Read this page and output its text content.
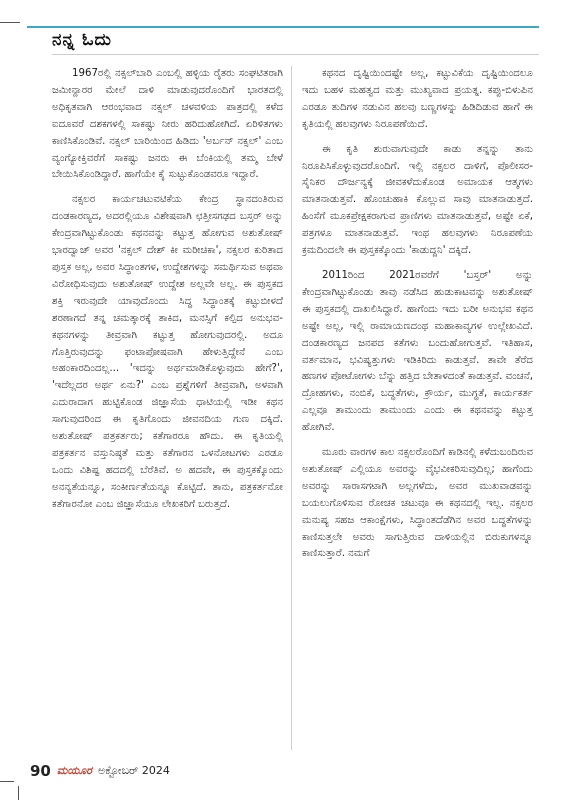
ನನ್ನ ಓದು

1967ರಲ್ಲಿ ನಕ್ಸಲ್‌ಬಾರಿ ಎಂಬಲ್ಲಿ ಹಳ್ಳಿಯ ರೈತರು ಸಂಘಟಿತರಾಗಿ ಜಮೀನ್ದಾರರ ಮೇಲೆ ದಾಳಿ ಮಾಡುವುದರೊಂದಿಗೆ ಭಾರತದಲ್ಲಿ ಅಧಿಕೃತವಾಗಿ ಆರಂಭವಾದ ನಕ್ಸಲ್ ಚಳವಳಿಯ ಪಾತ್ರದಲ್ಲಿ ಕಳೆದ ಐದೂವರೆ ದಶಕಗಳಲ್ಲಿ ಸಾಕಷ್ಟು ನೀರು ಹರಿದುಹೋಗಿದೆ. ಏರಿಳಿತಗಳು ಕಾಣಿಸಿಕೊಂಡಿವೆ. ನಕ್ಸಲ್ ಬಾರಿಯಿಂದ ಹಿಡಿದು 'ಅರ್ಬನ್ ನಕ್ಸಲ್' ಎಂಬ ವ್ಯಂಗ್ಯೋಕ್ತಿವರೆಗೆ ಸಾಕಷ್ಟು ಜನರು ಈ ಬೆಂಕಿಯಲ್ಲಿ ತಮ್ಮ ಬೇಳೆ ಬೇಯಿಸಿಕೊಂಡಿದ್ದಾರೆ. ಹಾಗೆಯೇ ಕೈ ಸುಟ್ಟುಕೊಂಡವರೂ ಇದ್ದಾರೆ.

ನಕ್ಸಲರ ಕಾರ್ಯಚಟುವಟಿಕೆಯ ಕೇಂದ್ರ ಸ್ಥಾನದಂತಿರುವ ದಂಡಕಾರಣ್ಯದ, ಅದರಲ್ಲಿಯೂ ವಿಶೇಷವಾಗಿ ಛತ್ತೀಸಗಢದ ಬಸ್ತರ್ ಅನ್ನು ಕೇಂದ್ರವಾಗಿಟ್ಟುಕೊಂಡು ಕಥನವನ್ನು ಕಟ್ಟುತ್ತ ಹೋಗುವ ಅಶುತೋಷ್ ಭಾರದ್ವಾಜ್ ಅವರ 'ನಕ್ಸಲ್ ದೇಶ್ ಕೀ ಮರೀಚಿಕಾ', ನಕ್ಸಲರ ಕುರಿತಾದ ಪುಸ್ತಕ ಅಲ್ಲ, ಅವರ ಸಿದ್ಧಾಂತಗಳ, ಉದ್ದೇಶಗಳನ್ನು ಸಮರ್ಥಿಸುವ ಅಥವಾ ವಿರೋಧಿಸುವುದು ಅಶುತೋಷ್ ಉದ್ದೇಶ ಅಲ್ಲವೇ ಅಲ್ಲ. ಈ ಪುಸ್ತಕದ ಶಕ್ತಿ ಇರುವುದೇ ಯಾವುದೊಂದು ಸಿದ್ಧ ಸಿದ್ಧಾಂತಕ್ಕೆ ಕಟ್ಟುಬೀಳದೆ ಶರಣಾಗದೆ ತನ್ನ ಚಮತ್ಕಾರಕ್ಕೆ ತಾಕಿದ, ಮನಸ್ಸಿಗೆ ಕಲ್ಪಿದ ಅನುಭವ-ಕಥನಗಳನ್ನು ತೀವ್ರವಾಗಿ ಕಟ್ಟುತ್ತ ಹೋಗುವುದರಲ್ಲಿ. ಅದೂ ಗೊತ್ತಿರುವುದನ್ನು ಫಂಟಾಪೋಷವಾಗಿ ಹೇಳುತ್ತಿದ್ದೇನೆ ಎಂಬ ಅಹಂಕಾರದಿಂದಲ್ಲ... 'ಇದನ್ನು ಅರ್ಥಮಾಡಿಕೊಳ್ಳುವುದು ಹೇಗೆ?', 'ಇದೆಲ್ಲದರ ಅರ್ಥ ಏನು?' ಎಂಬ ಪ್ರಶ್ನೆಗಳಿಗೆ ತೀವ್ರವಾಗಿ, ಅಳವಾಗಿ ಎದುರಾದಾಗ ಹುಟ್ಟಿಕೊಂಡ ಜಿಜ್ಞಾಸೆಯ ಧಾಟಿಯಲ್ಲಿ ಇಡೀ ಕಥನ ಸಾಗುವುದರಿಂದ ಈ ಕೃತಿಗೊಂದು ಜೀವನದಿಯ ಗುಣ ದಕ್ಕಿದೆ. ಅಶುತೋಷ್ ಪತ್ರಕರ್ತರು; ಕತೆಗಾರರೂ ಹೌದು. ಈ ಕೃತಿಯಲ್ಲಿ ಪತ್ರಕರ್ತನ ವಸ್ತುನಿಷ್ಠತೆ ಮತ್ತು ಕತೆಗಾರನ ಒಳನೋಟಗಳು ಎರಡೂ ಒಂದು ವಿಶಿಷ್ಟ ಹದದಲ್ಲಿ ಬೆರೆತಿವೆ. ಅ ಹದವೇ, ಈ ಪುಸ್ತಕಕ್ಕೊಂದು ಅನನ್ಯತೆಯನ್ನೂ, ಸಂಕೀರ್ಣತೆಯನ್ನೂ ಕೊಟ್ಟಿದೆ. ತಾನು, ಪತ್ರಕರ್ತನೋ ಕತೆಗಾರನೋ ಎಂಬ ಜಿಜ್ಞಾಸೆಯೂ ಲೇಖಕರಿಗೆ ಬರುತ್ತದೆ.

ಕಥನದ ದೃಷ್ಟಿಯಿಂದಷ್ಟೇ ಅಲ್ಲ, ಕಟ್ಟುವಿಕೆಯ ದೃಷ್ಟಿಯಿಂದಲೂ ಇದು ಬಹಳ ಮಹತ್ವದ ಮತ್ತು ಮುಖ್ಯವಾದ ಪ್ರಯತ್ನ. ಕಪ್ಪು-ಬಿಳುಪಿನ ಎರಡೂ ತುದಿಗಳ ನಡುವಿನ ಹಲವು ಬಣ್ಣಗಳನ್ನು ಹಿಡಿದಿಡುವ ಹಾಗೆ ಈ ಕೃತಿಯಲ್ಲಿ ಹಲವುಗಳು ನಿರೂಪಣೆಯಿದೆ.

ಈ ಕೃತಿ ಶುರುವಾಗುವುದೇ ಕಾಡು ತನ್ನನ್ನು ತಾನು ನಿರೂಪಿಸಿಕೊಳ್ಳುವುದರೊಂದಿಗೆ. ಇಲ್ಲಿ ನಕ್ಸಲರ ದಾಳಿಗೆ, ಪೊಲೀಸರ-ಸೈನಿಕರ ದೌರ್ಜನ್ಯಕ್ಕೆ ಜೀವಕಳೆದುಕೊಂಡ ಅಮಾಯಕ ಆತ್ಮಗಳು ಮಾತನಾಡುತ್ತವೆ. ಹೊಂಚುಹಾಕಿ ಕೊಲ್ಲುವ ಸಾವು ಮಾತನಾಡುತ್ತದೆ. ಹಿಂಸೆಗೆ ಮೂಕಪ್ರೇಕ್ಷಕರಾಗುವ ಪ್ರಾಣಿಗಳು ಮಾತನಾಡುತ್ತವೆ, ಅಷ್ಟೇ ಏಕೆ, ಪತ್ರಗಳೂ ಮಾತನಾಡುತ್ತವೆ. ಇಂಥ ಹಲವುಗಳು ನಿರೂಪಣೆಯ ಕ್ರಮದಿಂದಲೇ ಈ ಪುಸ್ತಕಕ್ಕೊಂದು 'ಕಾಡುದ್ದನಿ' ದಕ್ಕಿದೆ.

2011ರಿಂದ 2021ರವರೆಗೆ 'ಬಸ್ತರ್' ಅನ್ನು ಕೇಂದ್ರವಾಗಿಟ್ಟುಕೊಂಡು ತಾವು ನಡೆಸಿದ ಹುಡುಕಾಟವನ್ನು ಅಶುತೋಷ್ ಈ ಪುಸ್ತಕದಲ್ಲಿ ದಾಖಲಿಸಿದ್ದಾರೆ. ಹಾಗೆಂದು ಇದು ಬರೀ ಅನುಭವ ಕಥನ ಅಷ್ಟೇ ಅಲ್ಲ, ಇಲ್ಲಿ ರಾಮಾಯಣದಂಥ ಮಹಾಕಾವ್ಯಗಳ ಉಲ್ಲೇಖವಿದೆ. ದಂಡಕಾರಣ್ಯದ ಜನಪದ ಕತೆಗಳು ಬಂದುಹೋಗುತ್ತವೆ. ಇತಿಹಾಸ, ವರ್ತಮಾನ, ಭವಿಷ್ಯತ್ತುಗಳು ಇಡಿಕಿರಿದು ಕಾಡುತ್ತವೆ. ತಾವೇ ತೆರೆದ ಹಣಗಳ ಪೋಟೋಗಳು ಬೆನ್ನು ಹತ್ತಿದ ಬೇತಾಳದಂತೆ ಕಾಡುತ್ತವೆ. ವಂಚನೆ, ದ್ರೋಹಗಳು, ನಂಬಿಕೆ, ಬದ್ಧತೆಗಳು, ಕ್ರೌರ್ಯ, ಮುಗ್ಧತೆ, ಕಾರ್ಯಕರ್ತ ಎಲ್ಲವೂ ತಾಮುಂದು ತಾಮುಂದು ಎಂದು ಈ ಕಥನವನ್ನು ಕಟ್ಟುತ್ತ ಹೋಗಿವೆ.

ಮೂರು ವಾರಗಳ ಕಾಲ ನಕ್ಸಲರೊಂದಿಗೆ ಕಾಡಿನಲ್ಲಿ ಕಳೆದುಬಂದಿರುವ ಅಶುತೋಷ್ ಎಲ್ಲಿಯೂ ಅವರನ್ನು ವೈಭವೀಕರಿಸುವುದಿಲ್ಲ; ಹಾಗೆಂದು ಅವರನ್ನು ಸಾರಾಸಗಟಾಗಿ ಅಲ್ಲಗಳೆದು, ಅವರ ಮುಖವಾಡವನ್ನು ಬಯಲುಗೊಳಿಸುವ ರೋಚಕ ಚಟುವೂ ಈ ಕಥನದಲ್ಲಿ ಇಲ್ಲ. ನಕ್ಸಲರ ಮನುಷ್ಯ ಸಹಜ ಆಕಾಂಕ್ಷೆಗಳು, ಸಿದ್ಧಾಂತದೆಡೆಗಿನ ಅವರ ಬದ್ಧತೆಗಳನ್ನು ಕಾಣಿಸುತ್ತಲೇ ಅವರು ಸಾಗುತ್ತಿರುವ ದಾಳಿಯಲ್ಲಿನ ಬಿರುಕುಗಳನ್ನೂ ಕಾಣಿಸುತ್ತಾರೆ. ನಮಗೆ

90 ಮಯೂರ ಅಕ್ಟೋಬರ್ 2024
